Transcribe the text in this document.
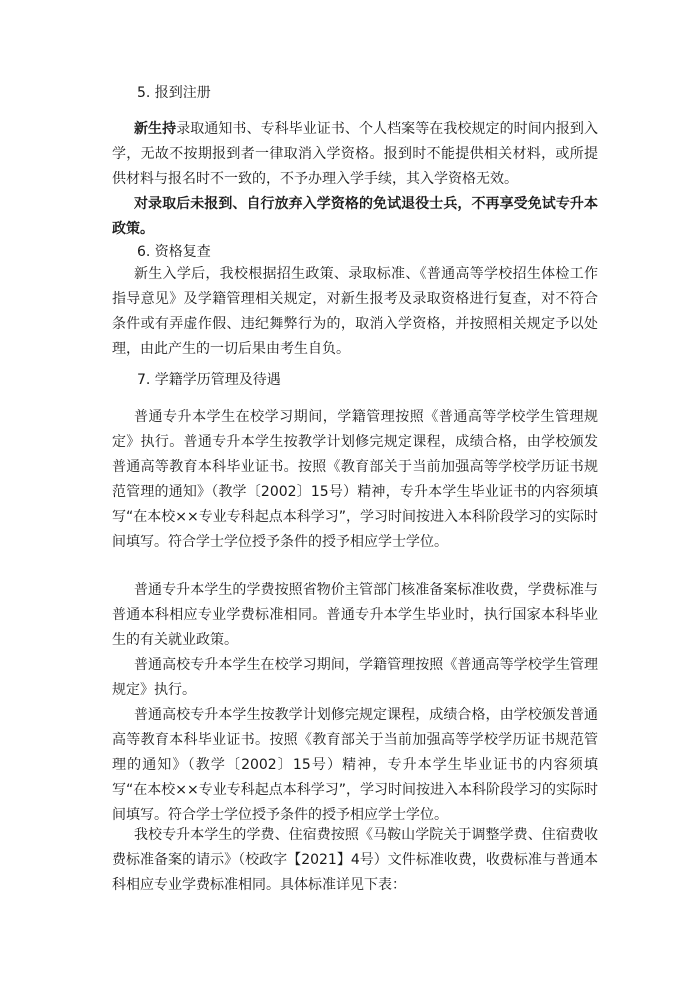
5. 报到注册
新生持录取通知书、专科毕业证书、个人档案等在我校规定的时间内报到入学，无故不按期报到者一律取消入学资格。报到时不能提供相关材料，或所提供材料与报名时不一致的，不予办理入学手续，其入学资格无效。
对录取后未报到、自行放弃入学资格的免试退役士兵，不再享受免试专升本政策。
6. 资格复查
新生入学后，我校根据招生政策、录取标准、《普通高等学校招生体检工作指导意见》及学籍管理相关规定，对新生报考及录取资格进行复查，对不符合条件或有弄虚作假、违纪舞弊行为的，取消入学资格，并按照相关规定予以处理，由此产生的一切后果由考生自负。
7. 学籍学历管理及待遇
普通专升本学生在校学习期间，学籍管理按照《普通高等学校学生管理规定》执行。普通专升本学生按教学计划修完规定课程，成绩合格，由学校颁发普通高等教育本科毕业证书。按照《教育部关于当前加强高等学校学历证书规范管理的通知》（教学〔2002〕15号）精神，专升本学生毕业证书的内容须填写“在本校××专业专科起点本科学习”，学习时间按进入本科阶段学习的实际时间填写。符合学士学位授予条件的授予相应学士学位。
普通专升本学生的学费按照省物价主管部门核准备案标准收费，学费标准与普通本科相应专业学费标准相同。普通专升本学生毕业时，执行国家本科毕业生的有关就业政策。
普通高校专升本学生在校学习期间，学籍管理按照《普通高等学校学生管理规定》执行。
普通高校专升本学生按教学计划修完规定课程，成绩合格，由学校颁发普通高等教育本科毕业证书。按照《教育部关于当前加强高等学校学历证书规范管理的通知》（教学〔2002〕15号）精神，专升本学生毕业证书的内容须填写“在本校××专业专科起点本科学习”，学习时间按进入本科阶段学习的实际时间填写。符合学士学位授予条件的授予相应学士学位。
我校专升本学生的学费、住宿费按照《马鞍山学院关于调整学费、住宿费收费标准备案的请示》（校政字【2021】4号）文件标准收费，收费标准与普通本科相应专业学费标准相同。具体标准详见下表：
